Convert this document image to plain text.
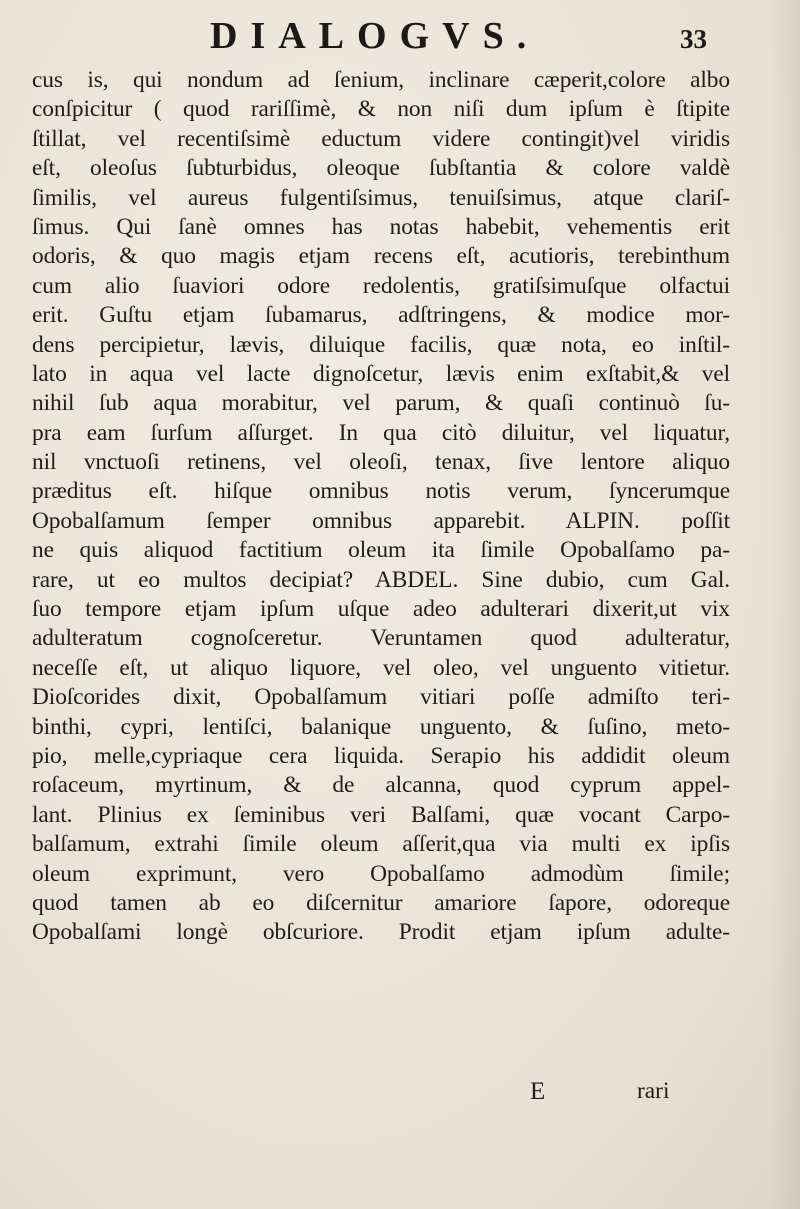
DIALOGVS.	33
cus is, qui nondum ad ſenium, inclinare cæperit,colore albo
conſpicitur ( quod rariſſimè, & non niſi dum ipſum è ſtipite
ſtillat, vel recentiſsimè eductum videre contingit)vel viridis
eſt, oleoſus ſubturbidus, oleoque ſubſtantia & colore valdè
ſimilis, vel aureus fulgentiſsimus, tenuiſsimus, atque clariſ-
ſimus. Qui ſanè omnes has notas habebit, vehementis erit
odoris, & quo magis etjam recens eſt, acutioris, terebinthum
cum alio ſuaviori odore redolentis, gratiſsimuſque olfactui
erit. Guſtu etjam ſubamarus, adſtringens, & modice mor-
dens percipietur, lævis, diluique facilis, quæ nota, eo inſtil-
lato in aqua vel lacte dignoſcetur, lævis enim exſtabit,& vel
nihil ſub aqua morabitur, vel parum, & quaſi continuò ſu-
pra eam ſurſum aſſurget. In qua citò diluitur, vel liquatur,
nil vnctuoſi retinens, vel oleoſi, tenax, ſive lentore aliquo
præditus eſt. hiſque omnibus notis verum, ſyncerumque
Opobalſamum ſemper omnibus apparebit. ALPIN. poſſit
ne quis aliquod factitium oleum ita ſimile Opobalſamo pa-
rare, ut eo multos decipiat? ABDEL. Sine dubio, cum Gal.
ſuo tempore etjam ipſum uſque adeo adulterari dixerit,ut vix
adulteratum cognoſceretur. Veruntamen quod adulteratur,
neceſſe eſt, ut aliquo liquore, vel oleo, vel unguento vitietur.
Dioſcorides dixit, Opobalſamum vitiari poſſe admiſto teri-
binthi, cypri, lentiſci, balanique unguento, & ſuſino, meto-
pio, melle,cypriaque cera liquida. Serapio his addidit oleum
roſaceum, myrtinum, & de alcanna, quod cyprum appel-
lant. Plinius ex ſeminibus veri Balſami, quæ vocant Carpo-
balſamum, extrahi ſimile oleum aſſerit,qua via multi ex ipſis
oleum exprimunt, vero Opobalſamo admodùm ſimile;
quod tamen ab eo diſcernitur amariore ſapore, odoreque
Opobalſami longè obſcuriore. Prodit etjam ipſum adulte-
E	rari
